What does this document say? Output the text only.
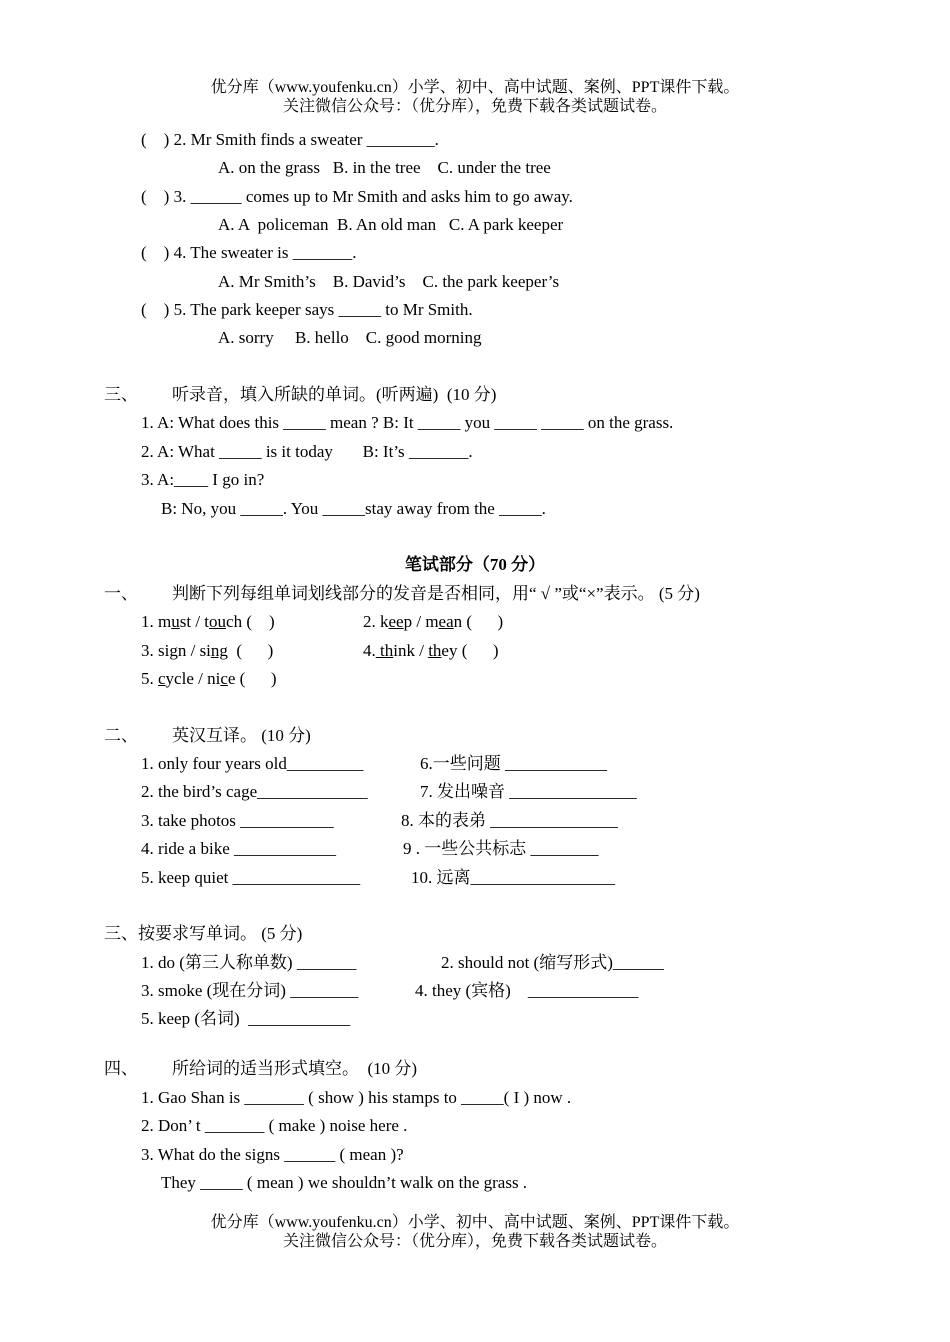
优分库（www.youfenku.cn）小学、初中、高中试题、案例、PPT课件下载。
关注微信公众号：（优分库），免费下载各类试题试卷。
(    ) 2. Mr Smith finds a sweater ________.
A. on the grass   B. in the tree    C. under the tree
(    ) 3. ______ comes up to Mr Smith and asks him to go away.
A. A  policeman  B. An old man   C. A park keeper
(    ) 4. The sweater is _______.
A. Mr Smith’s    B. David’s    C. the park keeper’s
(    ) 5. The park keeper says _____ to Mr Smith.
A. sorry     B. hello    C. good morning
三、        听录音，填入所缺的单词。(听两遍)  (10 分)
1. A: What does this _____ mean ? B: It _____ you _____ _____ on the grass.
2. A: What _____ is it today       B: It’s _______.
3. A:____ I go in?
B: No, you _____. You _____stay away from the _____.
笔试部分（70 分）
一、        判断下列每组单词划线部分的发音是否相同，用“ √ ”或“×”表示。 (5 分)
1. must / touch (    )	2. keep / mean (      )
3. sign / sing  (      )	4. think / they (      )
5. cycle / nice (      )
二、        英汉互译。 (10 分)
1. only four years old_________	6.一些问题 ____________
2. the bird’s cage_____________	7. 发出噪音 _______________
3. take photos ___________	8. 本的表弟 _______________
4. ride a bike ____________	9 . 一些公共标志 ________
5. keep quiet _______________	10. 远离_________________
三、按要求写单词。 (5 分)
1. do (第三人称单数) _______	2. should not (缩写形式)______
3. smoke (现在分词) ________	4. they (宾格)    _____________
5. keep (名词)  ____________
四、        所给词的适当形式填空。  (10 分)
1. Gao Shan is _______ ( show ) his stamps to _____( I ) now .
2. Don’ t _______ ( make ) noise here .
3. What do the signs ______ ( mean )?
They _____ ( mean ) we shouldn’t walk on the grass .
优分库（www.youfenku.cn）小学、初中、高中试题、案例、PPT课件下载。
关注微信公众号：（优分库），免费下载各类试题试卷。
